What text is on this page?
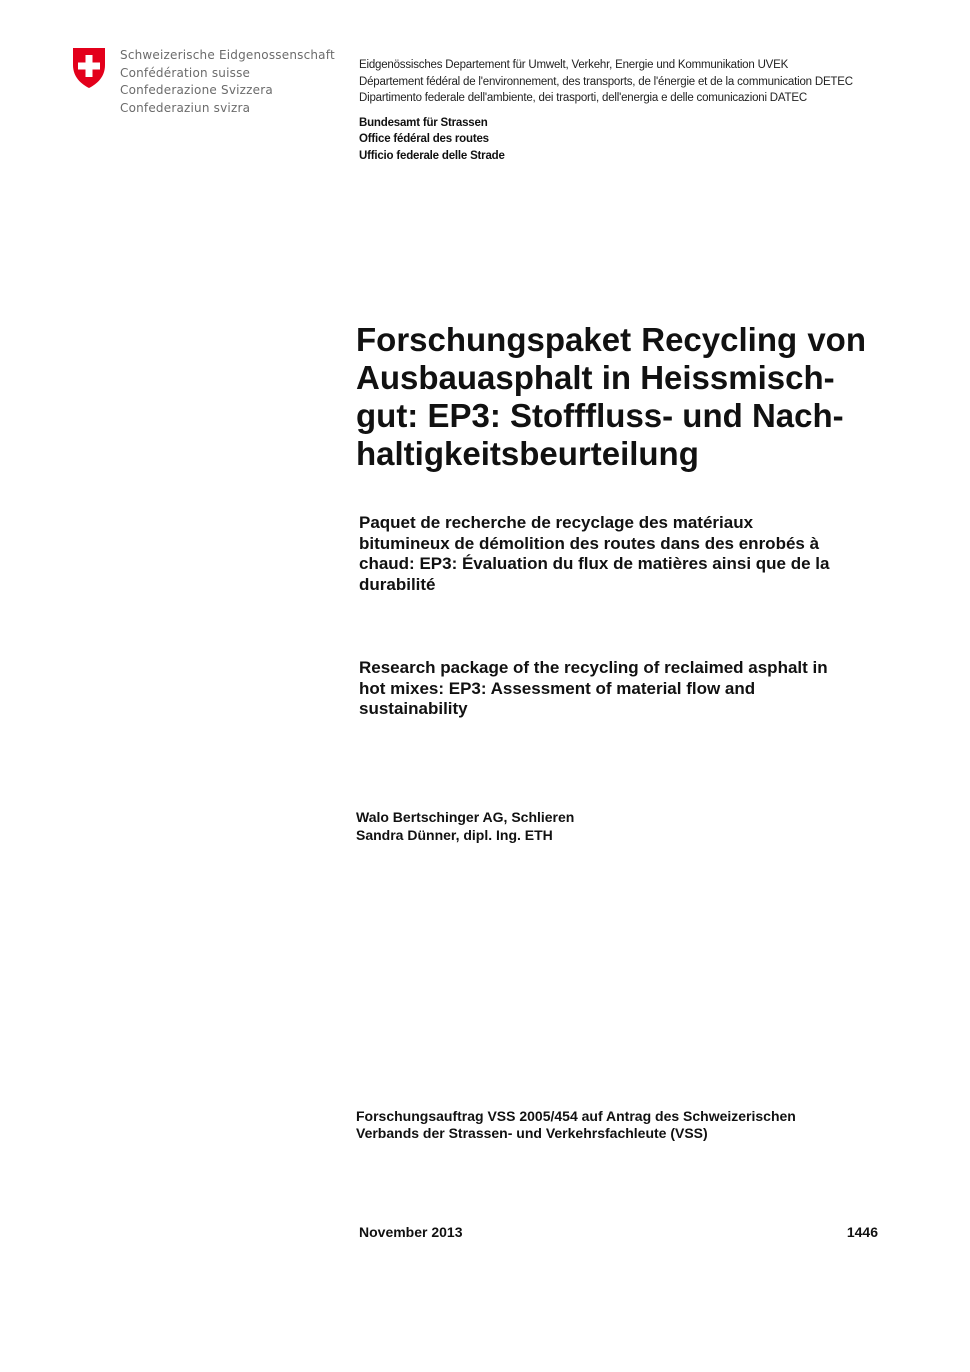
Schweizerische Eidgenossenschaft
Confédération suisse
Confederazione Svizzera
Confederaziun svizra
Eidgenössisches Departement für Umwelt, Verkehr, Energie und Kommunikation UVEK
Département fédéral de l'environnement, des transports, de l'énergie et de la communication DETEC
Dipartimento federale dell'ambiente, dei trasporti, dell'energia e delle comunicazioni DATEC
Bundesamt für Strassen
Office fédéral des routes
Ufficio federale delle Strade
Forschungspaket Recycling von
Ausbauasphalt in Heissmisch-
gut: EP3: Stofffluss- und Nach-
haltigkeitsbeurteilung
Paquet de recherche de recyclage des matériaux
bitumineux de démolition des routes dans des enrobés à
chaud: EP3: Évaluation du flux de matières ainsi que de la
durabilité
Research package of the recycling of reclaimed asphalt in
hot mixes: EP3: Assessment of material flow and
sustainability
Walo Bertschinger AG, Schlieren
Sandra Dünner, dipl. Ing. ETH
Forschungsauftrag VSS 2005/454 auf Antrag des Schweizerischen
Verbands der Strassen- und Verkehrsfachleute (VSS)
November 2013	1446
